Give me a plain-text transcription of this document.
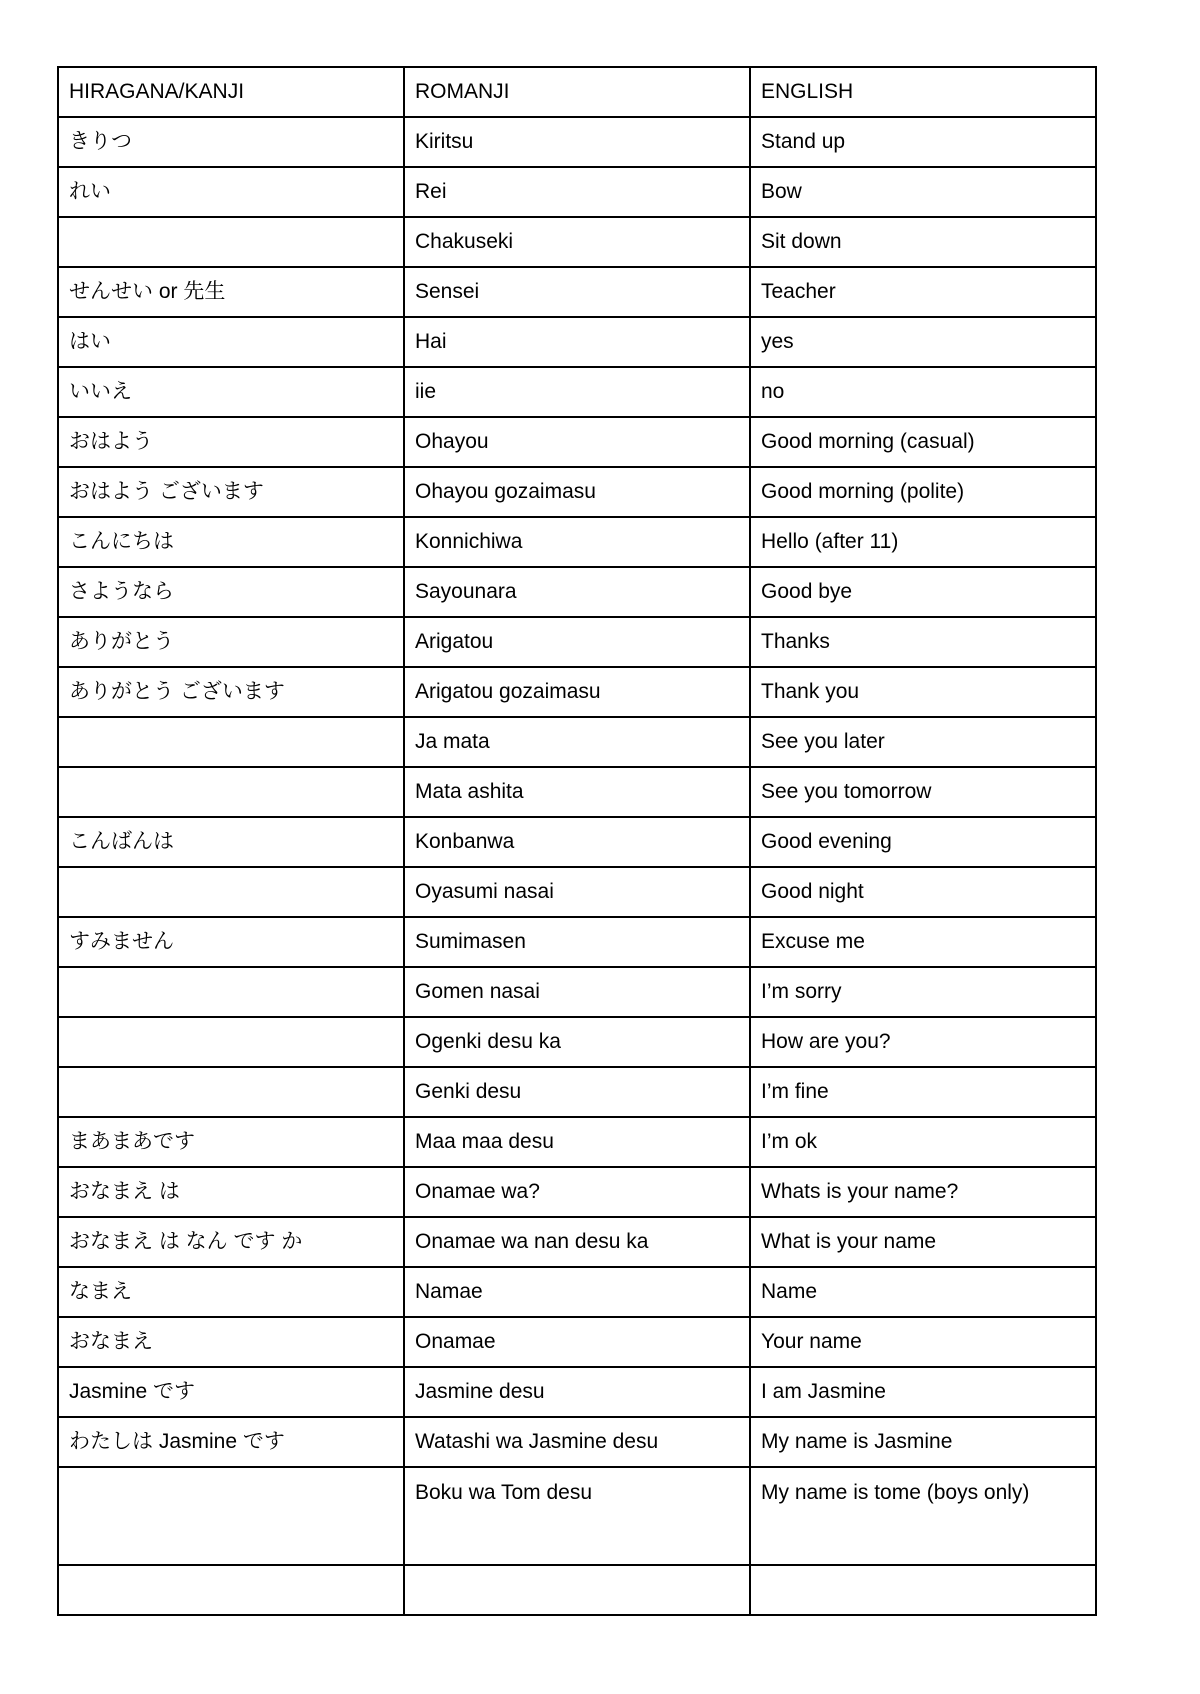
HIRAGANA/KANJI	ROMANJI	ENGLISH
きりつ	Kiritsu	Stand up
れい	Rei	Bow
	Chakuseki	Sit down
せんせい or 先生	Sensei	Teacher
はい	Hai	yes
いいえ	iie	no
おはよう	Ohayou	Good morning (casual)
おはよう ございます	Ohayou gozaimasu	Good morning (polite)
こんにちは	Konnichiwa	Hello (after 11)
さようなら	Sayounara	Good bye
ありがとう	Arigatou	Thanks
ありがとう ございます	Arigatou gozaimasu	Thank you
	Ja mata	See you later
	Mata ashita	See you tomorrow
こんばんは	Konbanwa	Good evening
	Oyasumi nasai	Good night
すみません	Sumimasen	Excuse me
	Gomen nasai	I’m sorry
	Ogenki desu ka	How are you?
	Genki desu	I’m fine
まあまあです	Maa maa desu	I’m ok
おなまえ は	Onamae wa?	Whats is your name?
おなまえ は なん です か	Onamae wa nan desu ka	What is your name
なまえ	Namae	Name
おなまえ	Onamae	Your name
Jasmine です	Jasmine desu	I am Jasmine
わたしは Jasmine です	Watashi wa Jasmine desu	My name is Jasmine
	Boku wa Tom desu	My name is tome (boys only)
